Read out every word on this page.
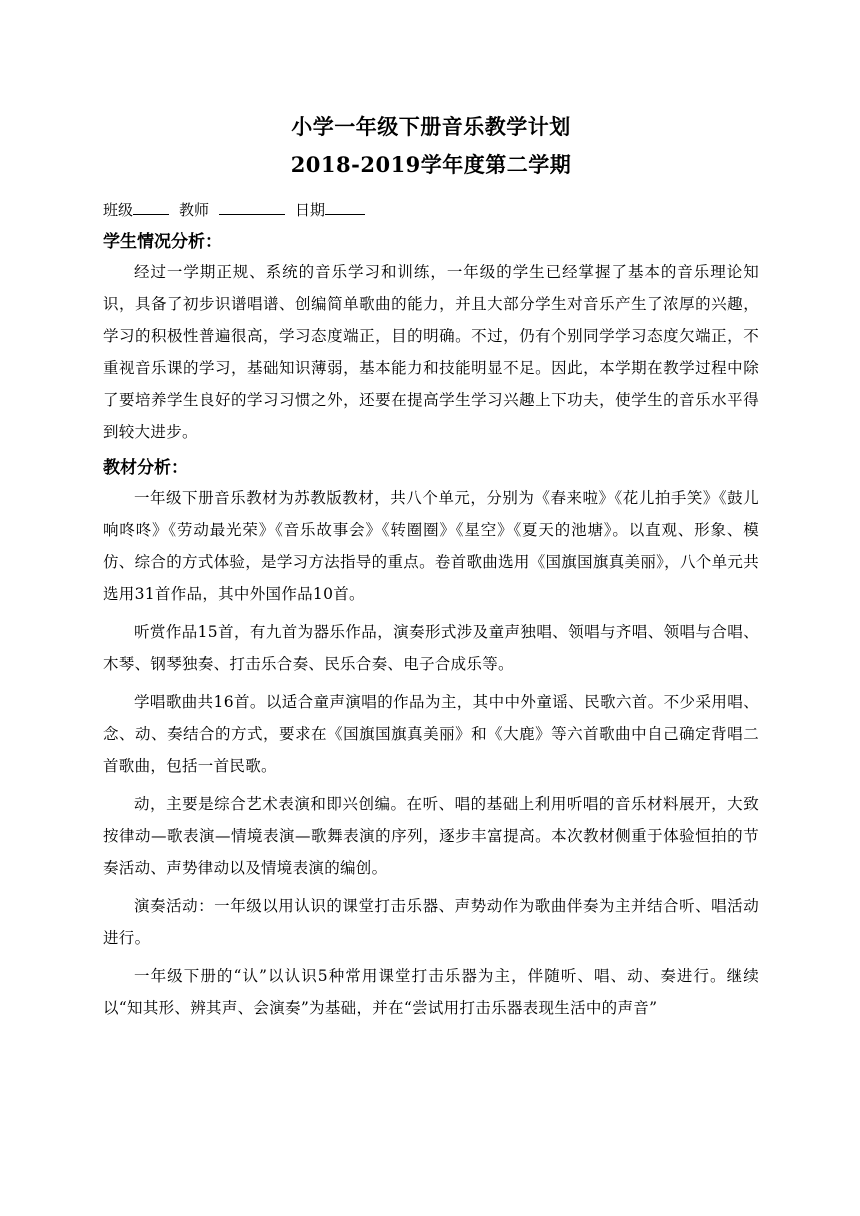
小学一年级下册音乐教学计划
2018-2019学年度第二学期
班级	教师	日期
学生情况分析：

经过一学期正规、系统的音乐学习和训练，一年级的学生已经掌握了基本的音乐理论知识，具备了初步识谱唱谱、创编简单歌曲的能力，并且大部分学生对音乐产生了浓厚的兴趣，学习的积极性普遍很高，学习态度端正，目的明确。不过，仍有个别同学学习态度欠端正，不重视音乐课的学习，基础知识薄弱，基本能力和技能明显不足。因此，本学期在教学过程中除了要培养学生良好的学习习惯之外，还要在提高学生学习兴趣上下功夫，使学生的音乐水平得到较大进步。

教材分析：

一年级下册音乐教材为苏教版教材，共八个单元，分别为《春来啦》《花儿拍手笑》《鼓儿响咚咚》《劳动最光荣》《音乐故事会》《转圈圈》《星空》《夏天的池塘》。以直观、形象、模仿、综合的方式体验，是学习方法指导的重点。卷首歌曲选用《国旗国旗真美丽》，八个单元共选用31首作品，其中外国作品10首。

听赏作品15首，有九首为器乐作品，演奏形式涉及童声独唱、领唱与齐唱、领唱与合唱、木琴、钢琴独奏、打击乐合奏、民乐合奏、电子合成乐等。

学唱歌曲共16首。以适合童声演唱的作品为主，其中中外童谣、民歌六首。不少采用唱、念、动、奏结合的方式，要求在《国旗国旗真美丽》和《大鹿》等六首歌曲中自己确定背唱二首歌曲，包括一首民歌。

动，主要是综合艺术表演和即兴创编。在听、唱的基础上利用听唱的音乐材料展开，大致按律动—歌表演—情境表演—歌舞表演的序列，逐步丰富提高。本次教材侧重于体验恒拍的节奏活动、声势律动以及情境表演的编创。

演奏活动：一年级以用认识的课堂打击乐器、声势动作为歌曲伴奏为主并结合听、唱活动进行。

一年级下册的“认”以认识5种常用课堂打击乐器为主，伴随听、唱、动、奏进行。继续以“知其形、辨其声、会演奏”为基础，并在“尝试用打击乐器表现生活中的声音”
